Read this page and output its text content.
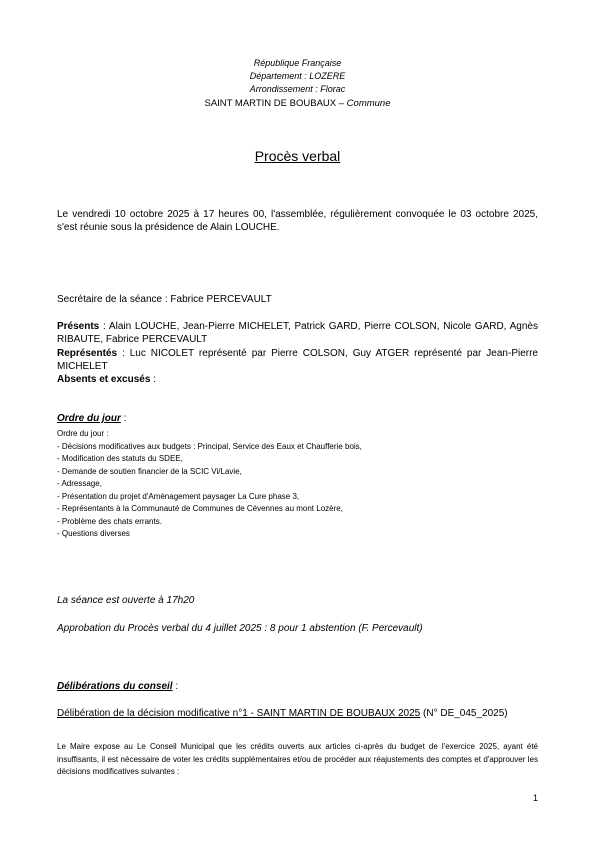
République Française
Département : LOZERE
Arrondissement : Florac
SAINT MARTIN DE BOUBAUX – Commune
Procès verbal
Le vendredi 10 octobre 2025 à 17 heures 00, l'assemblée, régulièrement convoquée le 03 octobre 2025, s'est réunie sous la présidence de Alain LOUCHE.
Secrétaire de la séance : Fabrice PERCEVAULT
Présents : Alain LOUCHE, Jean-Pierre MICHELET, Patrick GARD, Pierre COLSON, Nicole GARD, Agnès RIBAUTE, Fabrice PERCEVAULT
Représentés : Luc NICOLET représenté par Pierre COLSON, Guy ATGER représenté par Jean-Pierre MICHELET
Absents et excusés :
Ordre du jour :
Ordre du jour :
- Décisions modificatives aux budgets : Principal, Service des Eaux et Chaufferie bois,
- Modification des statuts du SDEE,
- Demande de soutien financier de la SCIC Vi/Lavie,
- Adressage,
- Présentation du projet d'Aménagement paysager La Cure phase 3,
- Représentants à la Communauté de Communes de Cévennes au mont Lozère,
- Problème des chats errants.
- Questions diverses
La séance est ouverte à 17h20
Approbation du Procès verbal du 4 juillet 2025 : 8 pour 1 abstention (F. Percevault)
Délibérations du conseil :
Délibération de la décision modificative n°1 - SAINT MARTIN DE BOUBAUX 2025 (N° DE_045_2025)
Le Maire expose au Le Conseil Municipal que les crédits ouverts aux articles ci-après du budget de l'exercice 2025, ayant été insuffisants, il est nécessaire de voter les crédits supplémentaires et/ou de procéder aux réajustements des comptes et d'approuver les décisions modificatives suivantes :
1
